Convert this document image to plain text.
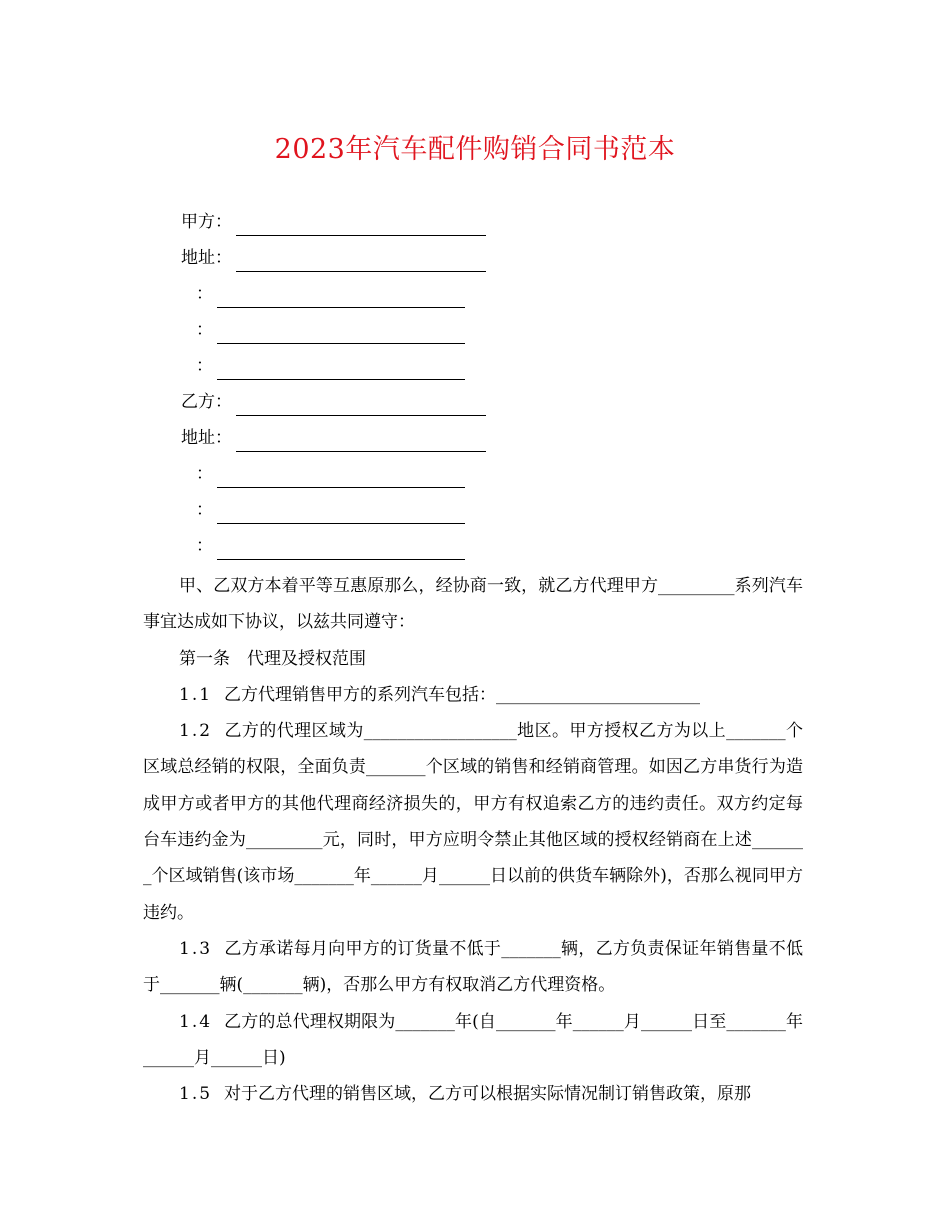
2023年汽车配件购销合同书范本
甲方：
地址：
：
：
：
乙方：
地址：
：
：
：

甲、乙双方本着平等互惠原那么，经协商一致，就乙方代理甲方_________系列汽车事宜达成如下协议，以兹共同遵守：

第一条　代理及授权范围

1.1 乙方代理销售甲方的系列汽车包括：________________________

1.2 乙方的代理区域为__________________地区。甲方授权乙方为以上_______个区域总经销的权限，全面负责_______个区域的销售和经销商管理。如因乙方串货行为造成甲方或者甲方的其他代理商经济损失的，甲方有权追索乙方的违约责任。双方约定每台车违约金为_________元，同时，甲方应明令禁止其他区域的授权经销商在上述_______个区域销售(该市场_______年______月______日以前的供货车辆除外)，否那么视同甲方违约。

1.3 乙方承诺每月向甲方的订货量不低于_______辆，乙方负责保证年销售量不低于_______辆(_______辆)，否那么甲方有权取消乙方代理资格。

1.4 乙方的总代理权期限为_______年(自_______年______月______日至_______年______月______日)

1.5 对于乙方代理的销售区域，乙方可以根据实际情况制订销售政策，原那
